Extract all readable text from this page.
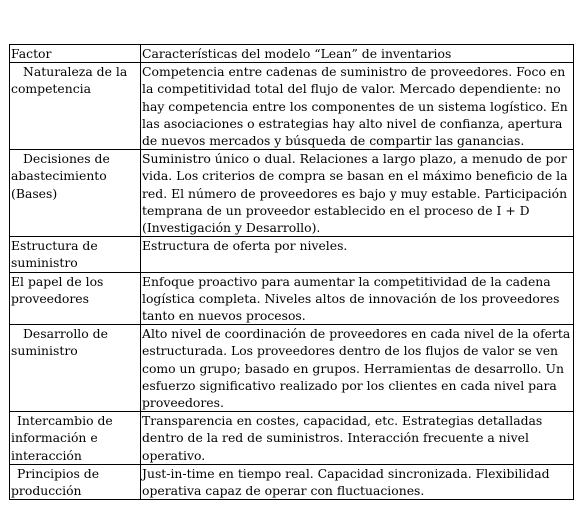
Factor	Características del modelo “Lean” de inventarios
Naturaleza de la competencia	Competencia entre cadenas de suministro de proveedores. Foco en la competitividad total del flujo de valor. Mercado dependiente: no hay competencia entre los componentes de un sistema logístico. En las asociaciones o estrategias hay alto nivel de confianza, apertura de nuevos mercados y búsqueda de compartir las ganancias.
Decisiones de abastecimiento (Bases)	Suministro único o dual. Relaciones a largo plazo, a menudo de por vida. Los criterios de compra se basan en el máximo beneficio de la red. El número de proveedores es bajo y muy estable. Participación temprana de un proveedor establecido en el proceso de I + D (Investigación y Desarrollo).
Estructura de suministro	Estructura de oferta por niveles.
El papel de los proveedores	Enfoque proactivo para aumentar la competitividad de la cadena logística completa. Niveles altos de innovación de los proveedores tanto en nuevos procesos.
Desarrollo de suministro	Alto nivel de coordinación de proveedores en cada nivel de la oferta estructurada. Los proveedores dentro de los flujos de valor se ven como un grupo; basado en grupos. Herramientas de desarrollo. Un esfuerzo significativo realizado por los clientes en cada nivel para proveedores.
Intercambio de información e interacción	Transparencia en costes, capacidad, etc. Estrategias detalladas dentro de la red de suministros. Interacción frecuente a nivel operativo.
Principios de producción	Just-in-time en tiempo real. Capacidad sincronizada. Flexibilidad operativa capaz de operar con fluctuaciones.
